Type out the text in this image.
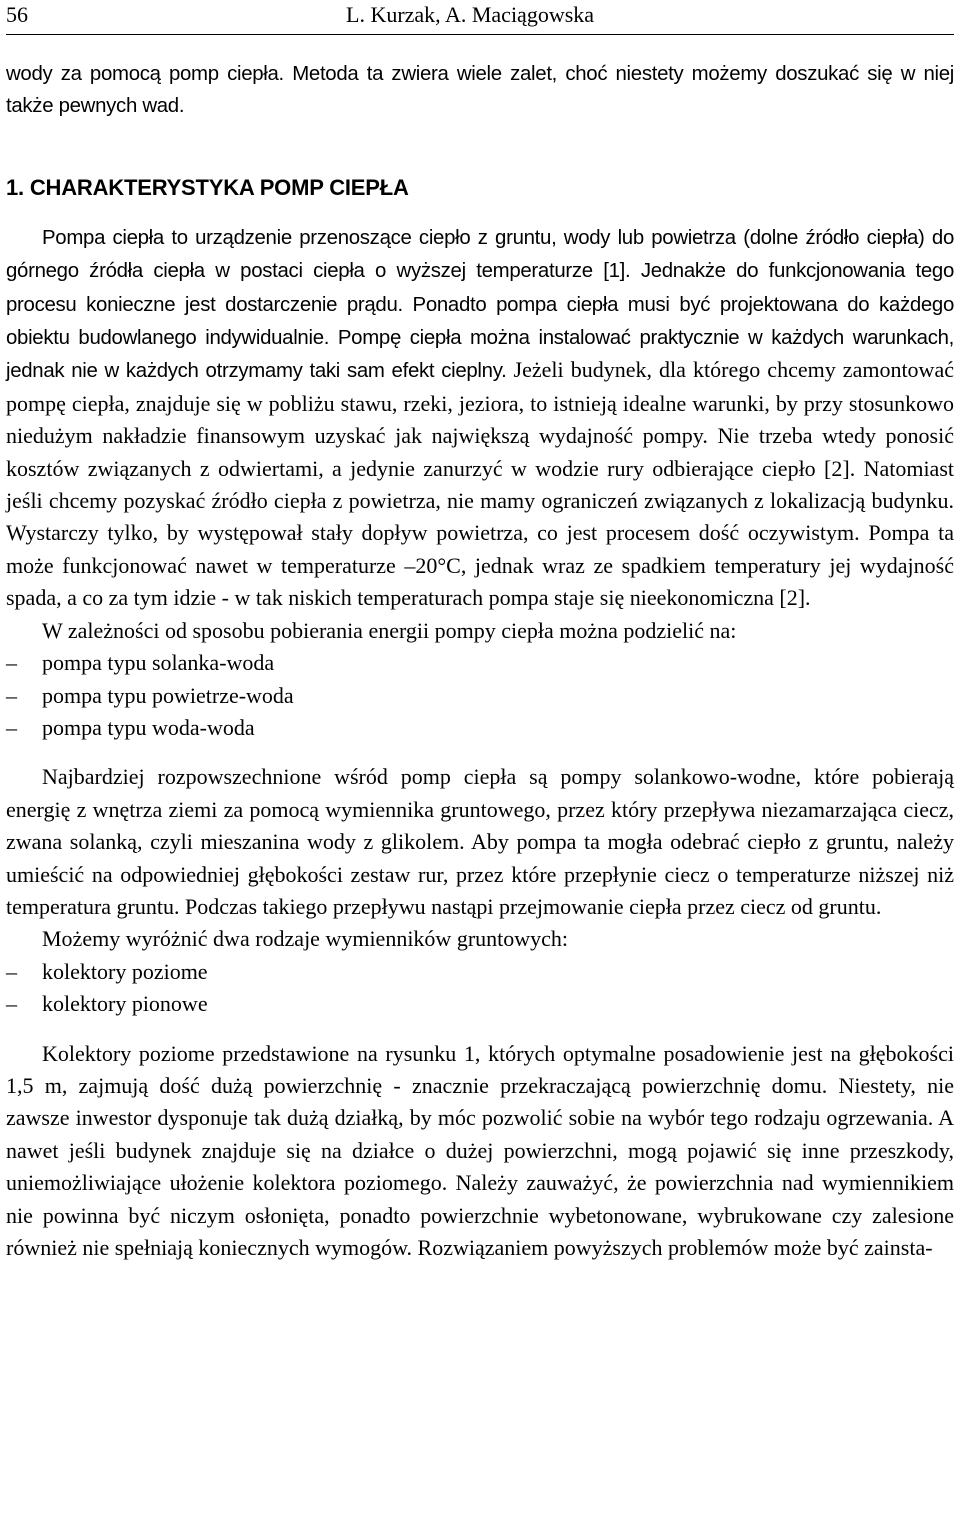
56	L. Kurzak, A. Maciągowska

wody za pomocą pomp ciepła. Metoda ta zwiera wiele zalet, choć niestety możemy doszukać się w niej także pewnych wad.

1. CHARAKTERYSTYKA POMP CIEPŁA

Pompa ciepła to urządzenie przenoszące ciepło z gruntu, wody lub powietrza (dolne źródło ciepła) do górnego źródła ciepła w postaci ciepła o wyższej temperaturze [1]. Jednakże do funkcjonowania tego procesu konieczne jest dostarczenie prądu. Ponadto pompa ciepła musi być projektowana do każdego obiektu budowlanego indywidualnie. Pompę ciepła można instalować praktycznie w każdych warunkach, jednak nie w każdych otrzymamy taki sam efekt cieplny. Jeżeli budynek, dla którego chcemy zamontować pompę ciepła, znajduje się w pobliżu stawu, rzeki, jeziora, to istnieją idealne warunki, by przy stosunkowo niedużym nakładzie finansowym uzyskać jak największą wydajność pompy. Nie trzeba wtedy ponosić kosztów związanych z odwiertami, a jedynie zanurzyć w wodzie rury odbierające ciepło [2]. Natomiast jeśli chcemy pozyskać źródło ciepła z powietrza, nie mamy ograniczeń związanych z lokalizacją budynku. Wystarczy tylko, by występował stały dopływ powietrza, co jest procesem dość oczywistym. Pompa ta może funkcjonować nawet w temperaturze –20°C, jednak wraz ze spadkiem temperatury jej wydajność spada, a co za tym idzie - w tak niskich temperaturach pompa staje się nieekonomiczna [2].

W zależności od sposobu pobierania energii pompy ciepła można podzielić na:

– pompa typu solanka-woda
– pompa typu powietrze-woda
– pompa typu woda-woda

Najbardziej rozpowszechnione wśród pomp ciepła są pompy solankowo-wodne, które pobierają energię z wnętrza ziemi za pomocą wymiennika gruntowego, przez który przepływa niezamarzająca ciecz, zwana solanką, czyli mieszanina wody z glikolem. Aby pompa ta mogła odebrać ciepło z gruntu, należy umieścić na odpowiedniej głębokości zestaw rur, przez które przepłynie ciecz o temperaturze niższej niż temperatura gruntu. Podczas takiego przepływu nastąpi przejmowanie ciepła przez ciecz od gruntu.

Możemy wyróżnić dwa rodzaje wymienników gruntowych:

– kolektory poziome
– kolektory pionowe

Kolektory poziome przedstawione na rysunku 1, których optymalne posadowienie jest na głębokości 1,5 m, zajmują dość dużą powierzchnię - znacznie przekraczającą powierzchnię domu. Niestety, nie zawsze inwestor dysponuje tak dużą działką, by móc pozwolić sobie na wybór tego rodzaju ogrzewania. A nawet jeśli budynek znajduje się na działce o dużej powierzchni, mogą pojawić się inne przeszkody, uniemożliwiające ułożenie kolektora poziomego. Należy zauważyć, że powierzchnia nad wymiennikiem nie powinna być niczym osłonięta, ponadto powierzchnie wybetonowane, wybrukowane czy zalesione również nie spełniają koniecznych wymogów. Rozwiązaniem powyższych problemów może być zainsta-
